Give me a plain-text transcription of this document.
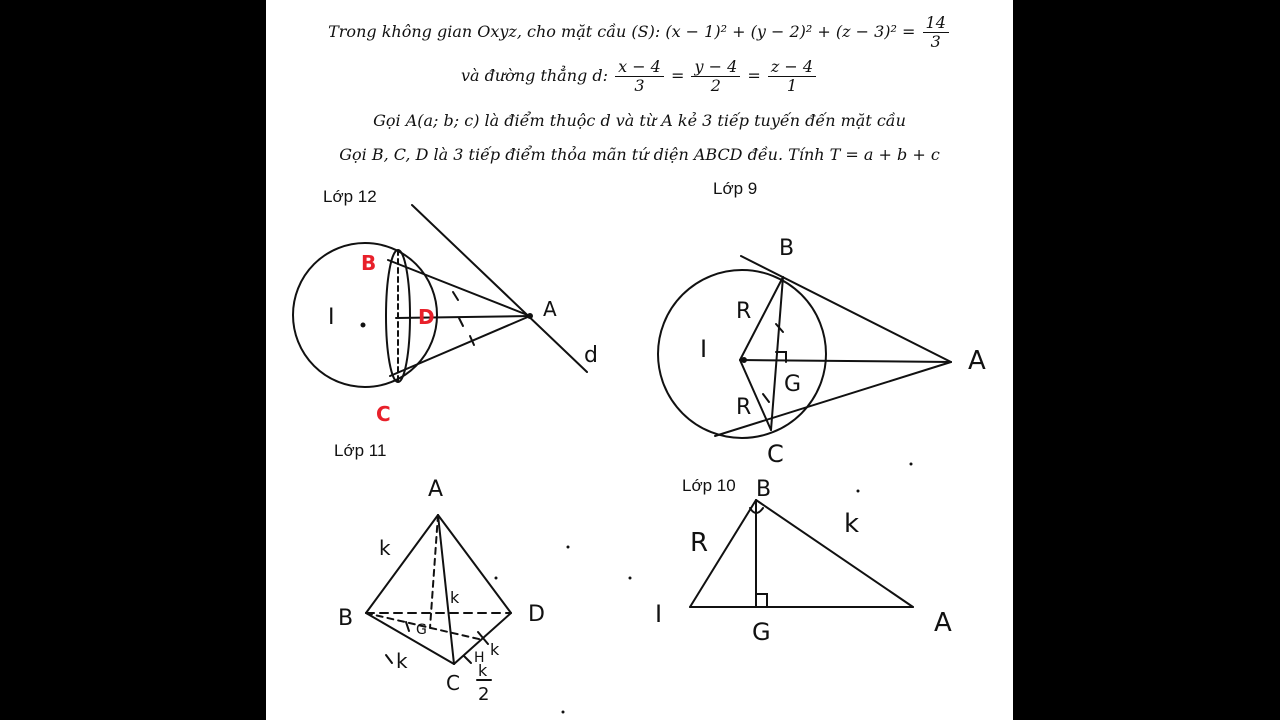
Trong không gian Oxyz, cho mặt cầu (S): $(x - 1)^2 + (y - 2)^2 + (z - 3)^2 = \frac{14}{3}$
và đường thẳng d: $\frac{x - 4}{3} = \frac{y - 4}{2} = \frac{z - 4}{1}$
Gọi A(a; b; c) là điểm thuộc d và từ A kẻ 3 tiếp tuyến đến mặt cầu
Gọi B, C, D là 3 tiếp điểm thỏa mãn tứ diện ABCD đều. Tính T = a + b + c
Lớp 12	Lớp 9
Lớp 11
Lớp 10
I
B
D
C
A
d
B
I	A
R
R
G
C
A
B	D
C
k
k
k
k
G
H
k
2
B
R
k
I
G	A
